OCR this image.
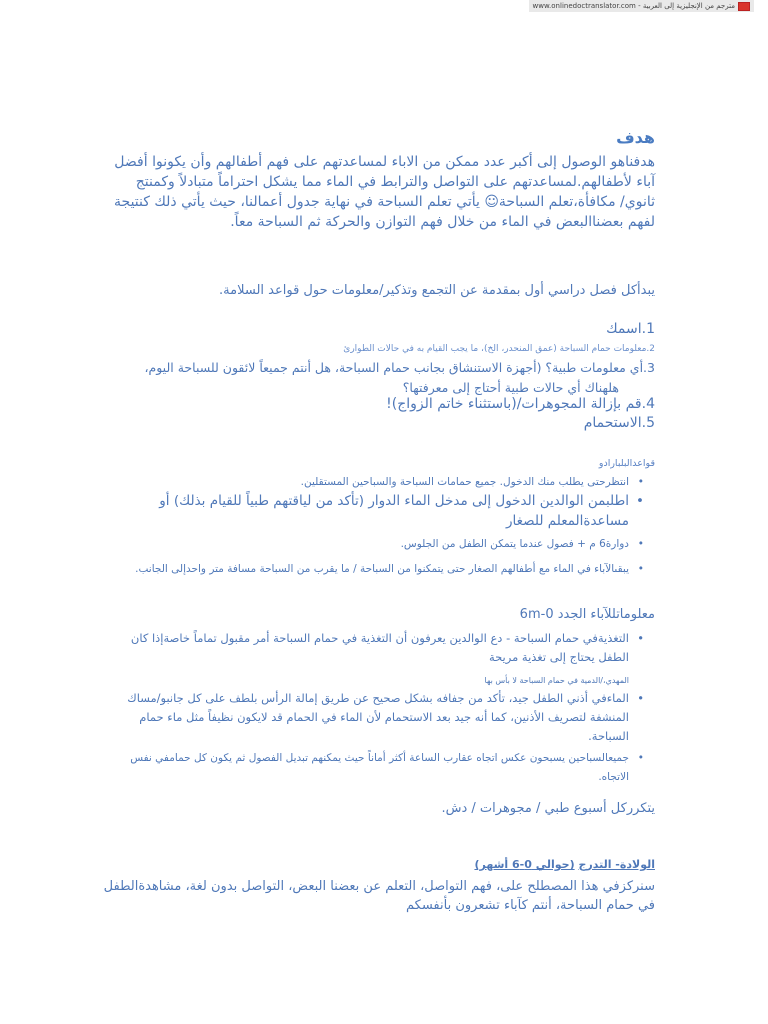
www.onlinedoctranslator.com - مترجم من الإنجليزية إلى العربية
هدف
هدفناهو الوصول إلى أكبر عدد ممكن من الاباء لمساعدتهم على فهم أطفالهم وأن يكونوا أفضل آباء لأطفالهم.لمساعدتهم على التواصل والترابط في الماء مما يشكل احتراماً متبادلاً وكمنتج ثانوي/ مكافأة،تعلم السباحة☺ يأتي تعلم السباحة في نهاية جدول أعمالنا، حيث يأتي ذلك كنتيجة لفهم بعضناالبعض في الماء من خلال فهم التوازن والحركة ثم السباحة معاً.
يبدأكل فصل دراسي أول بمقدمة عن التجمع وتذكير/معلومات حول قواعد السلامة.
1.اسمك
2.معلومات حمام السباحة (عمق المنحدر، الخ)، ما يجب القيام به في حالات الطوارئ
3.أي معلومات طبية؟ (أجهزة الاستنشاق بجانب حمام السباحة، هل أنتم جميعاً لائقون للسباحة اليوم،
هلهناك أي حالات طبية أحتاج إلى معرفتها؟
4.قم بإزالة المجوهرات/(باستثناء خاتم الزواج)!
5.الاستحمام
قواعدالبلبارادو
• انتظرحتى يطلب منك الدخول. جميع حمامات السباحة والسباحين المستقلين.
• اطلبمن الوالدين الدخول إلى مدخل الماء الدوار (تأكد من لياقتهم طبياً للقيام بذلك) أو مساعدةالمعلم للصغار
• دوارة6 م + فصول عندما يتمكن الطفل من الجلوس.
• يبقىالآباء في الماء مع أطفالهم الصغار حتى يتمكنوا من السباحة / ما يقرب من السباحة مسافة متر واحدإلى الجانب.
معلوماتللآباء الجدد 0-6m
• التغذيةفي حمام السباحة - دع الوالدين يعرفون أن التغذية في حمام السباحة أمر مقبول تماماً خاصةإذا كان الطفل يحتاج إلى تغذية مريحة
المهدي،/الدمية في حمام السباحة لا بأس بها
• الماءفي أذني الطفل جيد، تأكد من جفافه بشكل صحيح عن طريق إمالة الرأس بلطف على كل جانبو/مساك المنشفة لتصريف الأذنين، كما أنه جيد بعد الاستحمام لأن الماء في الحمام قد لايكون نظيفاً مثل ماء حمام السباحة.
• جميعالسباحين يسبحون عكس اتجاه عقارب الساعة أكثر أماناً حيث يمكنهم تبديل الفصول ثم يكون كل حمامفي نفس الاتجاه.
يتكرركل أسبوع طبي / مجوهرات / دش.
الولادة- التدرج (حوالي 0-6 أشهر)
سنركزفي هذا المصطلح على، فهم التواصل، التعلم عن بعضنا البعض، التواصل بدون لغة، مشاهدةالطفل في حمام السباحة، أنتم كآباء تشعرون بأنفسكم
